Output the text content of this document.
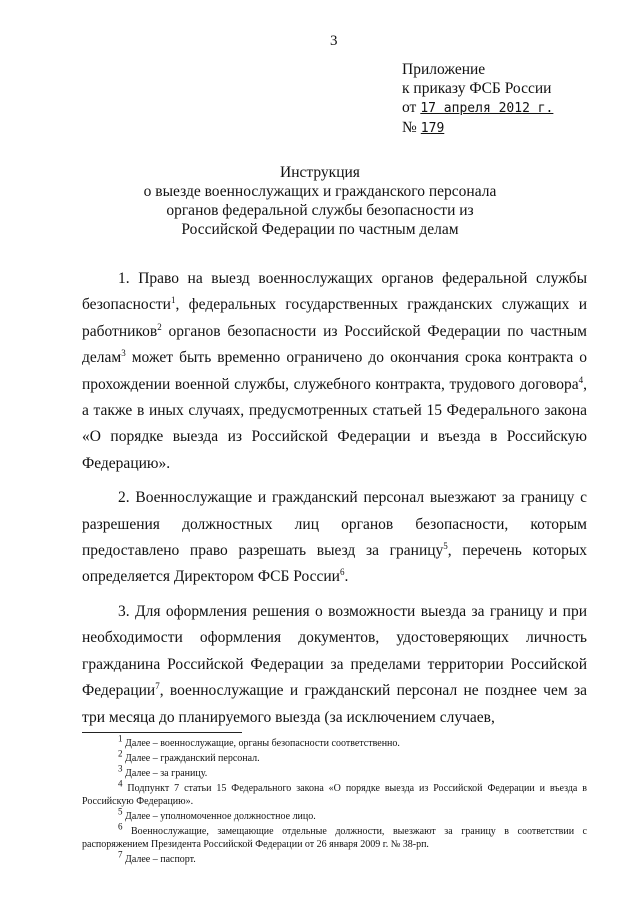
3
Приложение
к приказу ФСБ России
от 17 апреля 2012 г.
№ 179
Инструкция
о выезде военнослужащих и гражданского персонала
органов федеральной службы безопасности из
Российской Федерации по частным делам

1. Право на выезд военнослужащих органов федеральной службы безопасности$^1$, федеральных государственных гражданских служащих и работников$^2$ органов безопасности из Российской Федерации по частным делам$^3$ может быть временно ограничено до окончания срока контракта о прохождении военной службы, служебного контракта, трудового договора$^4$, а также в иных случаях, предусмотренных статьей 15 Федерального закона «О порядке выезда из Российской Федерации и въезда в Российскую Федерацию».

2. Военнослужащие и гражданский персонал выезжают за границу с разрешения должностных лиц органов безопасности, которым предоставлено право разрешать выезд за границу$^5$, перечень которых определяется Директором ФСБ России$^6$.

3. Для оформления решения о возможности выезда за границу и при необходимости оформления документов, удостоверяющих личность гражданина Российской Федерации за пределами территории Российской Федерации$^7$, военнослужащие и гражданский персонал не позднее чем за три месяца до планируемого выезда (за исключением случаев,

$^1$ Далее – военнослужащие, органы безопасности соответственно.
$^2$ Далее – гражданский персонал.
$^3$ Далее – за границу.
$^4$ Подпункт 7 статьи 15 Федерального закона «О порядке выезда из Российской Федерации и въезда в Российскую Федерацию».
$^5$ Далее – уполномоченное должностное лицо.
$^6$ Военнослужащие, замещающие отдельные должности, выезжают за границу в соответствии с распоряжением Президента Российской Федерации от 26 января 2009 г. № 38-рп.
$^7$ Далее – паспорт.
